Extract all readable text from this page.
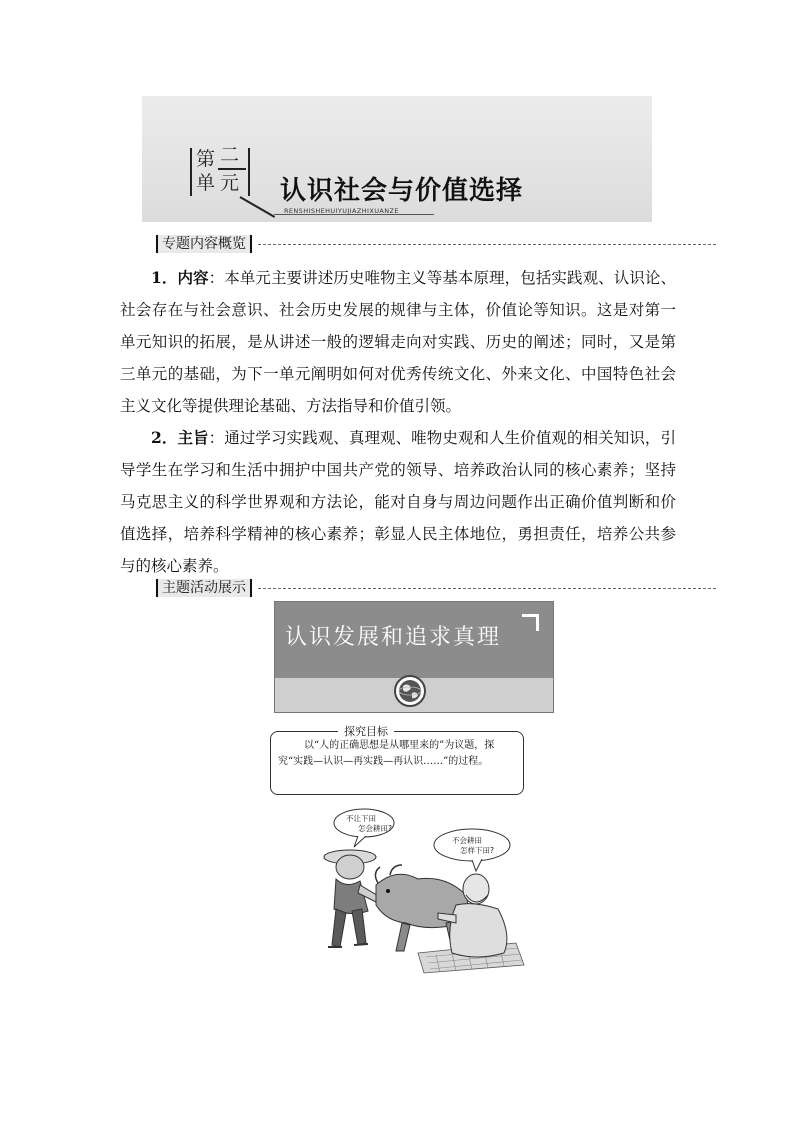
第 二
单 元 认识社会与价值选择
RENSHISHEHUIYUJIAZHIXUANZE
专题内容概览
1．内容：本单元主要讲述历史唯物主义等基本原理，包括实践观、认识论、社会存在与社会意识、社会历史发展的规律与主体，价值论等知识。这是对第一单元知识的拓展，是从讲述一般的逻辑走向对实践、历史的阐述；同时，又是第三单元的基础，为下一单元阐明如何对优秀传统文化、外来文化、中国特色社会主义文化等提供理论基础、方法指导和价值引领。
2．主旨：通过学习实践观、真理观、唯物史观和人生价值观的相关知识，引导学生在学习和生活中拥护中国共产党的领导、培养政治认同的核心素养；坚持马克思主义的科学世界观和方法论，能对自身与周边问题作出正确价值判断和价值选择，培养科学精神的核心素养；彰显人民主体地位，勇担责任，培养公共参与的核心素养。
主题活动展示
认识发展和追求真理
探究目标
以“人的正确思想是从哪里来的”为议题，探究“实践—认识—再实践—再认识……”的过程。
不让下田
怎会耕田?
不会耕田
怎样下田?
